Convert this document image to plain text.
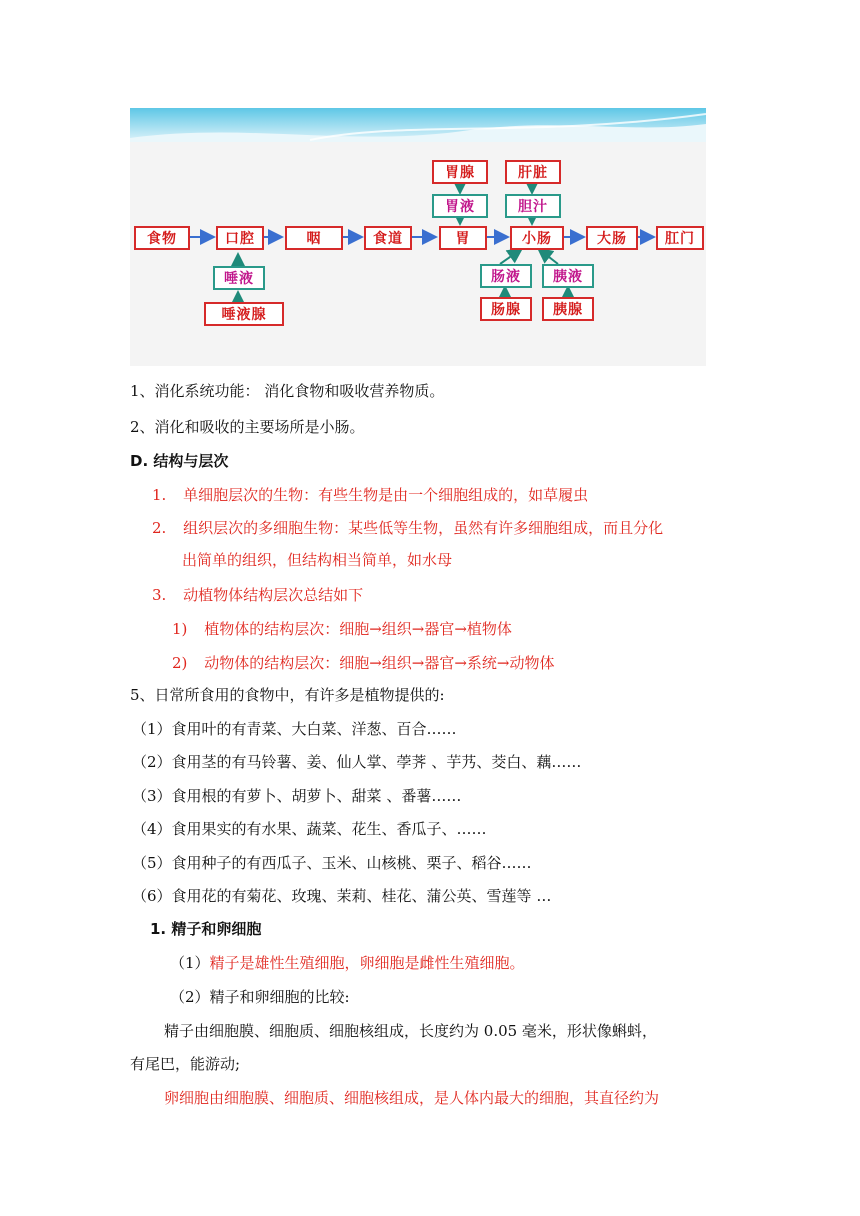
食物	口腔	咽	食道	胃	小肠	大肠	肛门
胃腺
胃液
肝脏
胆汁
唾液
唾液腺
肠液
肠腺
胰液
胰腺
1、消化系统功能： 消化食物和吸收营养物质。
2、消化和吸收的主要场所是小肠。
D. 结构与层次
1. 单细胞层次的生物：有些生物是由一个细胞组成的，如草履虫
2. 组织层次的多细胞生物：某些低等生物，虽然有许多细胞组成，而且分化
出简单的组织，但结构相当简单，如水母
3. 动植物体结构层次总结如下
1) 植物体的结构层次：细胞→组织→器官→植物体
2) 动物体的结构层次：细胞→组织→器官→系统→动物体
5、日常所食用的食物中，有许多是植物提供的:
（1）食用叶的有青菜、大白菜、洋葱、百合……
（2）食用茎的有马铃薯、姜、仙人掌、荸荠 、芋艿、茭白、藕……
（3）食用根的有萝卜、胡萝卜、甜菜 、番薯……
（4）食用果实的有水果、蔬菜、花生、香瓜子、……
（5）食用种子的有西瓜子、玉米、山核桃、栗子、稻谷……
（6）食用花的有菊花、玫瑰、茉莉、桂花、蒲公英、雪莲等 …
1. 精子和卵细胞
（1）精子是雄性生殖细胞，卵细胞是雌性生殖细胞。
（2）精子和卵细胞的比较:
精子由细胞膜、细胞质、细胞核组成，长度约为 0.05 毫米，形状像蝌蚪，
有尾巴，能游动;
卵细胞由细胞膜、细胞质、细胞核组成，是人体内最大的细胞，其直径约为
